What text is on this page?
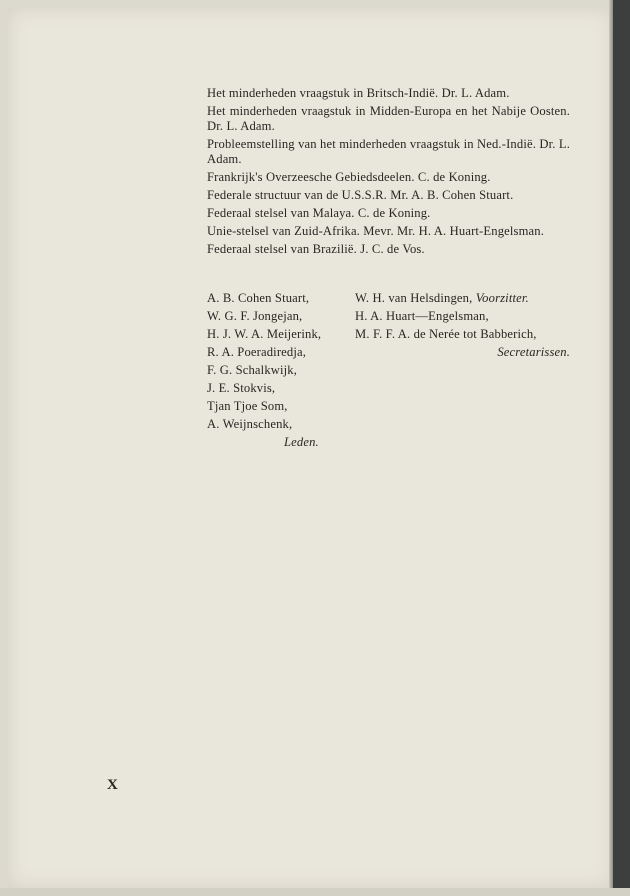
Het minderheden vraagstuk in Britsch-Indië. Dr. L. Adam.

Het minderheden vraagstuk in Midden-Europa en het Nabije Oosten. Dr. L. Adam.

Probleemstelling van het minderheden vraagstuk in Ned.-Indië. Dr. L. Adam.

Frankrijk's Overzeesche Gebiedsdeelen. C. de Koning.

Federale structuur van de U.S.S.R. Mr. A. B. Cohen Stuart.

Federaal stelsel van Malaya. C. de Koning.

Unie-stelsel van Zuid-Afrika. Mevr. Mr. H. A. Huart-Engelsman.

Federaal stelsel van Brazilië. J. C. de Vos.

A. B. Cohen Stuart,
W. G. F. Jongejan,
H. J. W. A. Meijerink,
R. A. Poeradiredja,
F. G. Schalkwijk,
J. E. Stokvis,
Tjan Tjoe Som,
A. Weijnschenk,
Leden.
W. H. van Helsdingen, Voorzitter.
H. A. Huart—Engelsman,
M. F. F. A. de Nerée tot Babberich,
Secretarissen.
X
